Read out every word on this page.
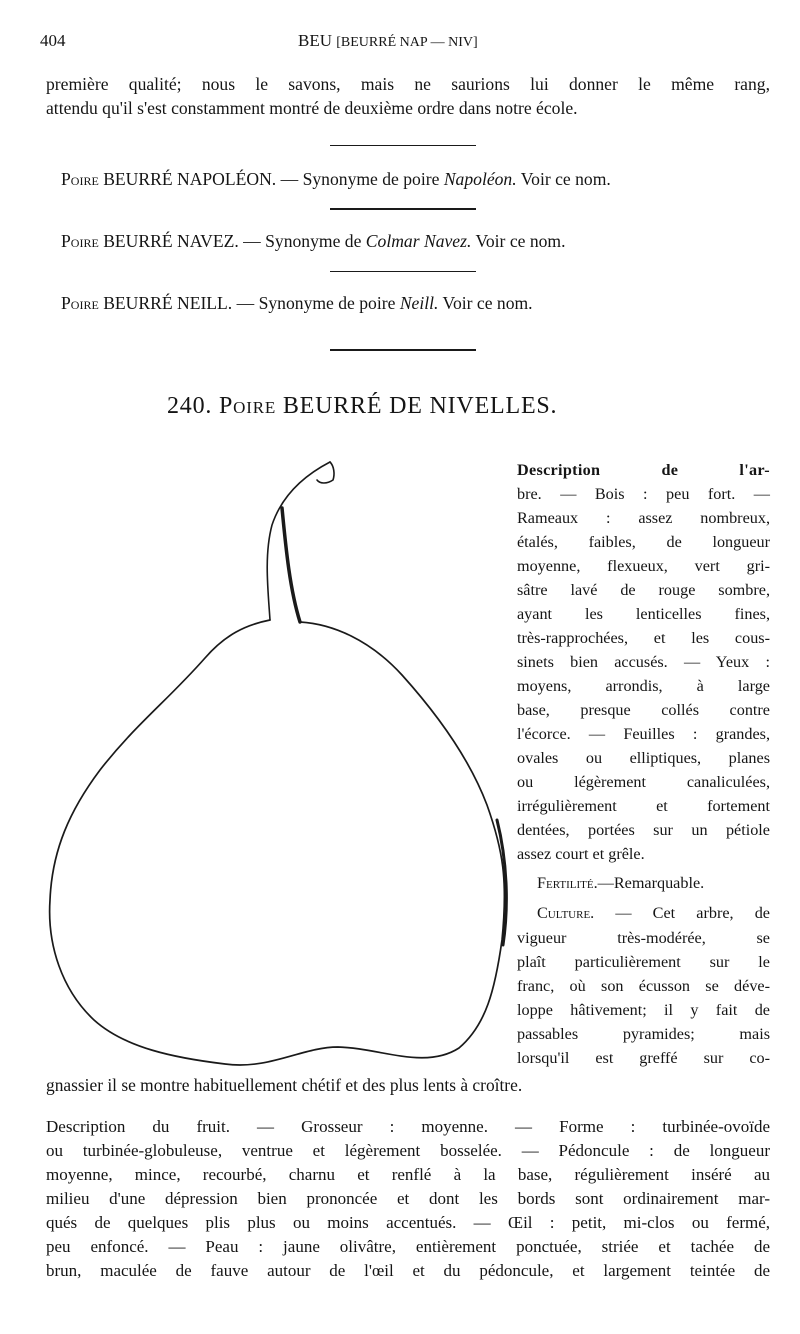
404	BEU [BEURRÉ NAP — NIV]
première qualité; nous le savons, mais ne saurions lui donner le même rang,
attendu qu'il s'est constamment montré de deuxième ordre dans notre école.
Poire BEURRÉ NAPOLÉON. — Synonyme de poire Napoléon. Voir ce nom.
Poire BEURRÉ NAVEZ. — Synonyme de Colmar Navez. Voir ce nom.
Poire BEURRÉ NEILL. — Synonyme de poire Neill. Voir ce nom.
240. Poire BEURRÉ DE NIVELLES.
Description de l'ar-
bre. — Bois : peu fort. —
Rameaux : assez nombreux,
étalés, faibles, de longueur
moyenne, flexueux, vert gri-
sâtre lavé de rouge sombre,
ayant les lenticelles fines,
très-rapprochées, et les cous-
sinets bien accusés. — Yeux :
moyens, arrondis, à large
base, presque collés contre
l'écorce. — Feuilles : grandes,
ovales ou elliptiques, planes
ou légèrement canaliculées,
irrégulièrement et fortement
dentées, portées sur un pétiole
assez court et grêle.
Fertilité.—Remarquable.
Culture. — Cet arbre, de
vigueur très-modérée, se
plaît particulièrement sur le
franc, où son écusson se déve-
loppe hâtivement; il y fait de
passables pyramides; mais
lorsqu'il est greffé sur co-
gnassier il se montre habituellement chétif et des plus lents à croître.
Description du fruit. — Grosseur : moyenne. — Forme : turbinée-ovoïde
ou turbinée-globuleuse, ventrue et légèrement bosselée. — Pédoncule : de longueur
moyenne, mince, recourbé, charnu et renflé à la base, régulièrement inséré au
milieu d'une dépression bien prononcée et dont les bords sont ordinairement mar-
qués de quelques plis plus ou moins accentués. — Œil : petit, mi-clos ou fermé,
peu enfoncé. — Peau : jaune olivâtre, entièrement ponctuée, striée et tachée de
brun, maculée de fauve autour de l'œil et du pédoncule, et largement teintée de
